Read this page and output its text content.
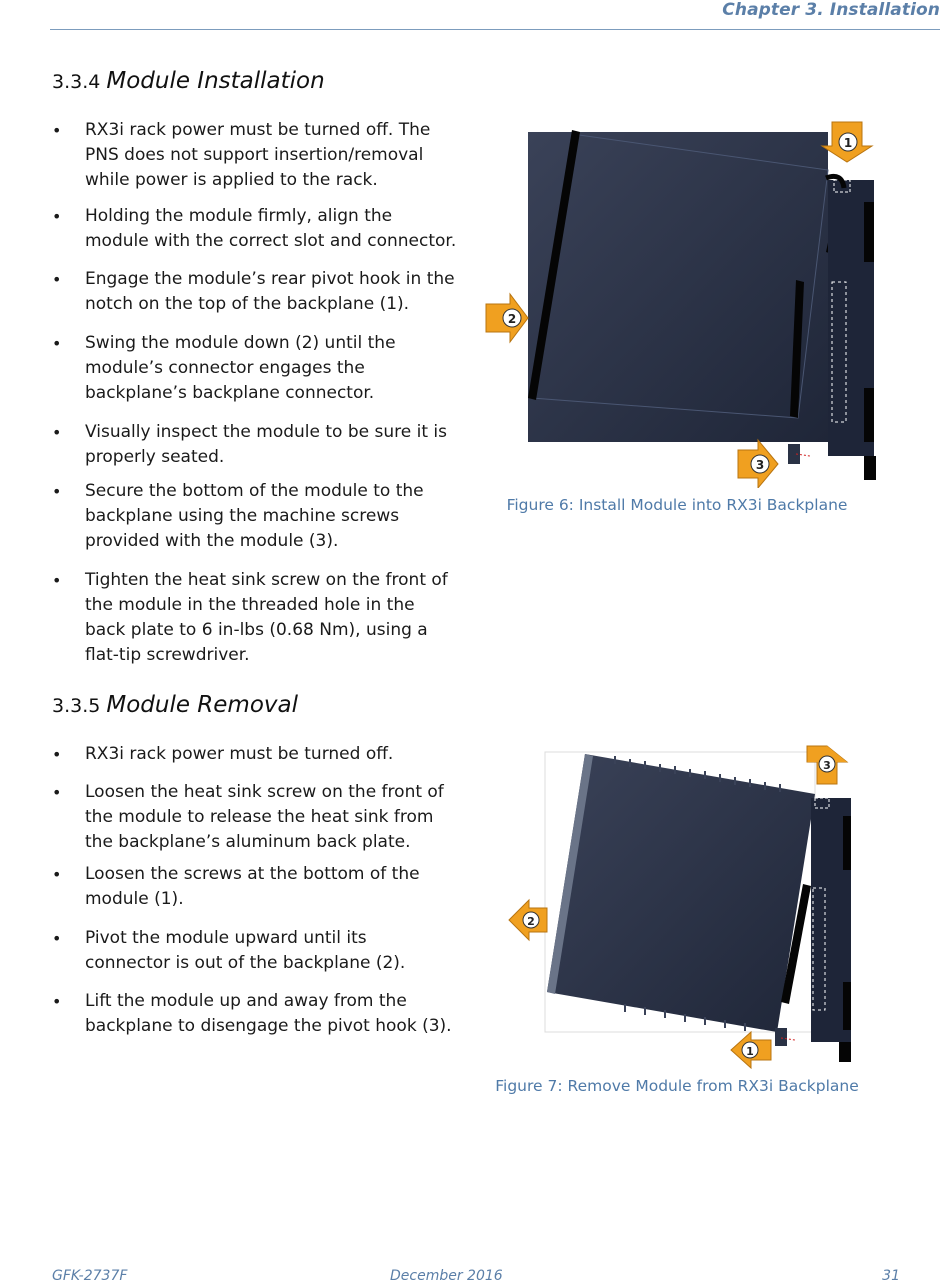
Chapter 3. Installation
3.3.4 Module Installation
• RX3i rack power must be turned off. The PNS does not support insertion/removal while power is applied to the rack.
• Holding the module firmly, align the module with the correct slot and connector.
• Engage the module’s rear pivot hook in the notch on the top of the backplane (1).
• Swing the module down (2) until the module’s connector engages the backplane’s backplane connector.
• Visually inspect the module to be sure it is properly seated.
• Secure the bottom of the module to the backplane using the machine screws provided with the module (3).
• Tighten the heat sink screw on the front of the module in the threaded hole in the back plate to 6 in-lbs (0.68 Nm), using a flat-tip screwdriver.
3.3.5 Module Removal
• RX3i rack power must be turned off.
• Loosen the heat sink screw on the front of the module to release the heat sink from the backplane’s aluminum back plate.
• Loosen the screws at the bottom of the module (1).
• Pivot the module upward until its connector is out of the backplane (2).
• Lift the module up and away from the backplane to disengage the pivot hook (3).
1
2
3
Figure 6: Install Module into RX3i Backplane
3
2
1
Figure 7: Remove Module from RX3i Backplane
GFK-2737F	December 2016	31
